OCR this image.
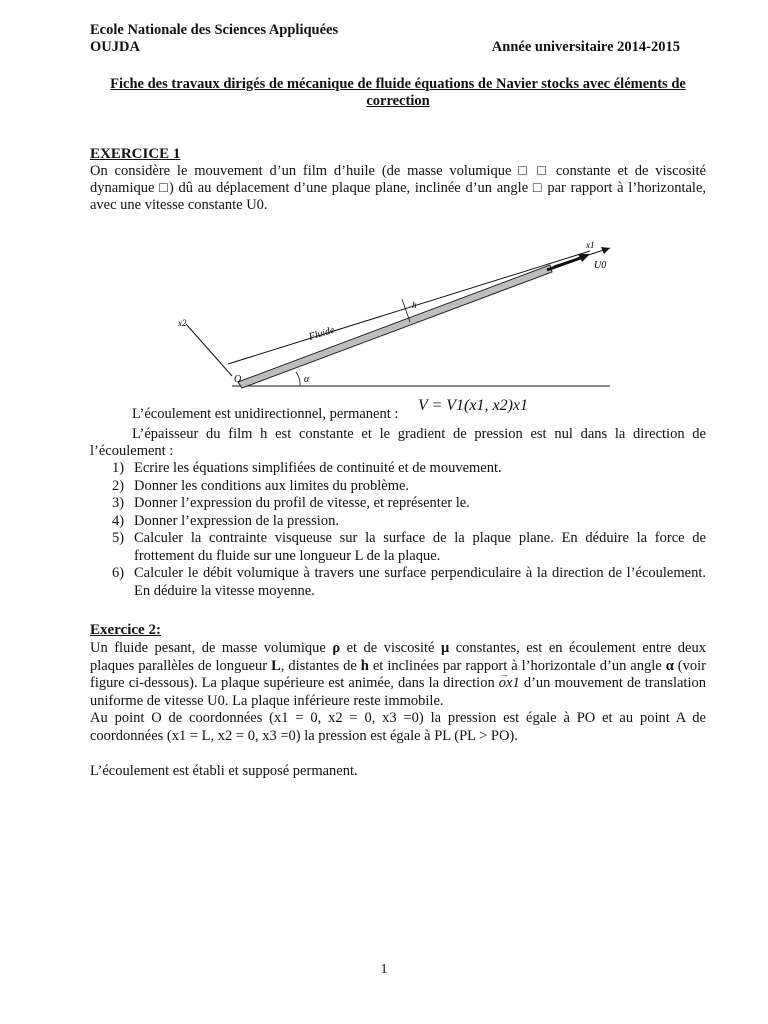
Ecole Nationale des Sciences Appliquées
OUJDA	Année universitaire 2014-2015
Fiche des travaux dirigés de mécanique de fluide équations de Navier stocks avec éléments de correction
EXERCICE 1
On considère le mouvement d’un film d’huile (de masse volumique □ □ constante et de viscosité dynamique □) dû au déplacement d’une plaque plane, inclinée d’un angle □ par rapport à l’horizontale, avec une vitesse constante U0.
h
Fluide
α
O
x2
x1
U0
L’écoulement est unidirectionnel, permanent : V = V1(x1, x2)x1
L’épaisseur du film h est constante et le gradient de pression est nul dans la direction de l’écoulement :
1) Ecrire les équations simplifiées de continuité et de mouvement.
2) Donner les conditions aux limites du problème.
3) Donner l’expression du profil de vitesse, et représenter le.
4) Donner l’expression de la pression.
5) Calculer la contrainte visqueuse sur la surface de la plaque plane. En déduire la force de frottement du fluide sur une longueur L de la plaque.
6) Calculer le débit volumique à travers une surface perpendiculaire à la direction de l’écoulement. En déduire la vitesse moyenne.
Exercice 2:
Un fluide pesant, de masse volumique ρ et de viscosité μ constantes, est en écoulement entre deux plaques parallèles de longueur L, distantes de h et inclinées par rapport à l’horizontale d’un angle α (voir figure ci-dessous). La plaque supérieure est animée, dans la direction → ox1 d’un mouvement de translation uniforme de vitesse U0. La plaque inférieure reste immobile.
Au point O de coordonnées (x1 = 0, x2 = 0, x3 =0) la pression est égale à PO et au point A de coordonnées (x1 = L, x2 = 0, x3 =0) la pression est égale à PL (PL > PO).
L’écoulement est établi et supposé permanent.
1
